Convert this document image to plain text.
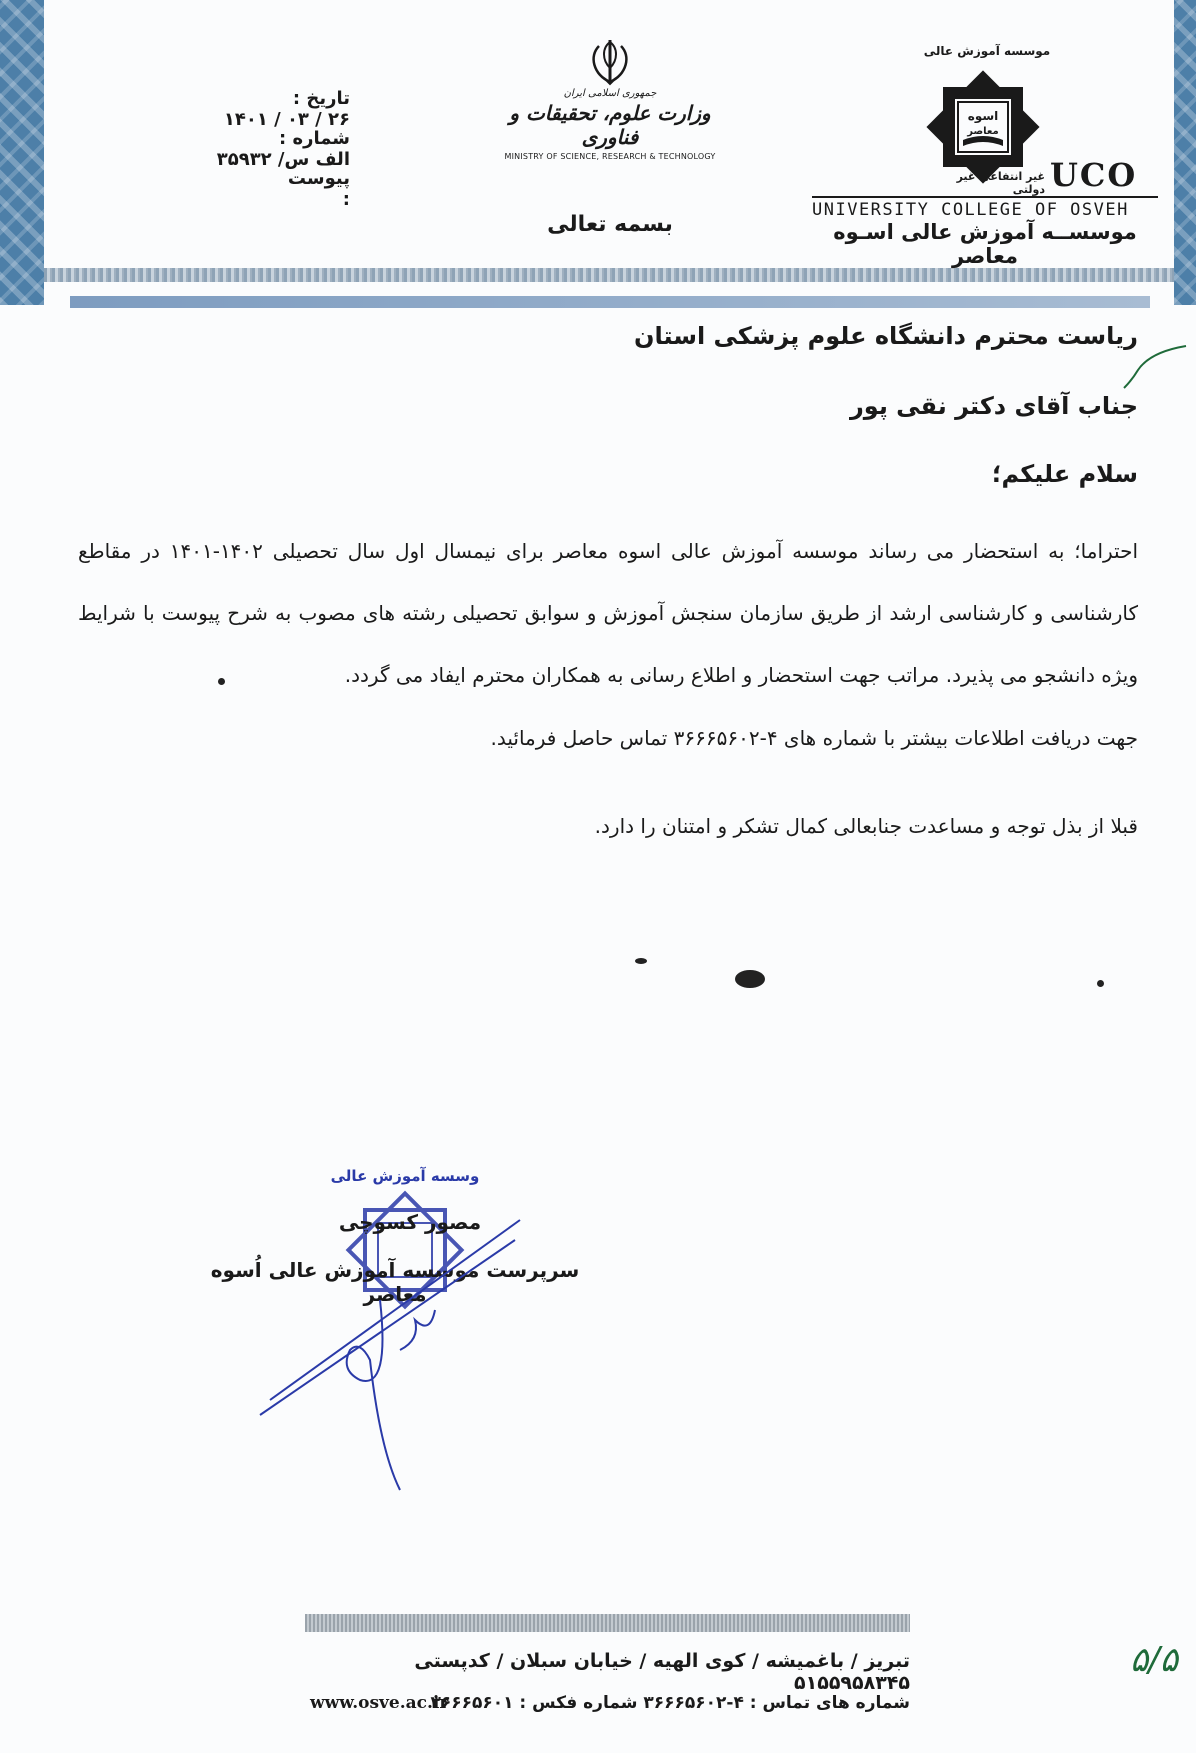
تاریخ : ۱۴۰۱ / ۰۳ / ۲۶
شماره : ۳۵۹۳۲ /الف س
پیوست :
جمهوری اسلامی ایران
وزارت علوم، تحقیقات و فناوری
MINISTRY OF SCIENCE, RESEARCH & TECHNOLOGY
بسمه تعالی
موسسه آموزش عالی
اسوه
معاصر
UCO
غیر انتفاعی غیر دولتی
UNIVERSITY COLLEGE OF OSVEH
موسســه آموزش عالی اسـوه معاصر
ریاست محترم دانشگاه علوم پزشکی استان
جناب آقای دکتر نقی پور
سلام علیکم؛
احتراما؛ به استحضار می رساند موسسه آموزش عالی اسوه معاصر برای نیمسال اول سال تحصیلی ۱۴۰۲-۱۴۰۱ در مقاطع کارشناسی و کارشناسی ارشد از طریق سازمان سنجش آموزش و سوابق تحصیلی رشته های مصوب به شرح پیوست با شرایط ویژه دانشجو می پذیرد. مراتب جهت استحضار و اطلاع رسانی به همکاران محترم ایفاد می گردد.
جهت دریافت اطلاعات بیشتر با شماره های ۴-۳۶۶۶۵۶۰۲ تماس حاصل فرمائید.
قبلا از بذل توجه و مساعدت جنابعالی کمال تشکر و امتنان را دارد.
وسسه آموزش عالی
مصور کسوچی
سرپرست موسسه آموزش عالی اُسوه معاصر
۵/۵
تبریز / باغمیشه / کوی الهیه / خیابان سبلان / کدپستی ۵۱۵۵۹۵۸۳۴۵
شماره های تماس : ۴-۳۶۶۶۵۶۰۲ شماره فکس : ۳۶۶۶۵۶۰۱
www.osve.ac.ir
